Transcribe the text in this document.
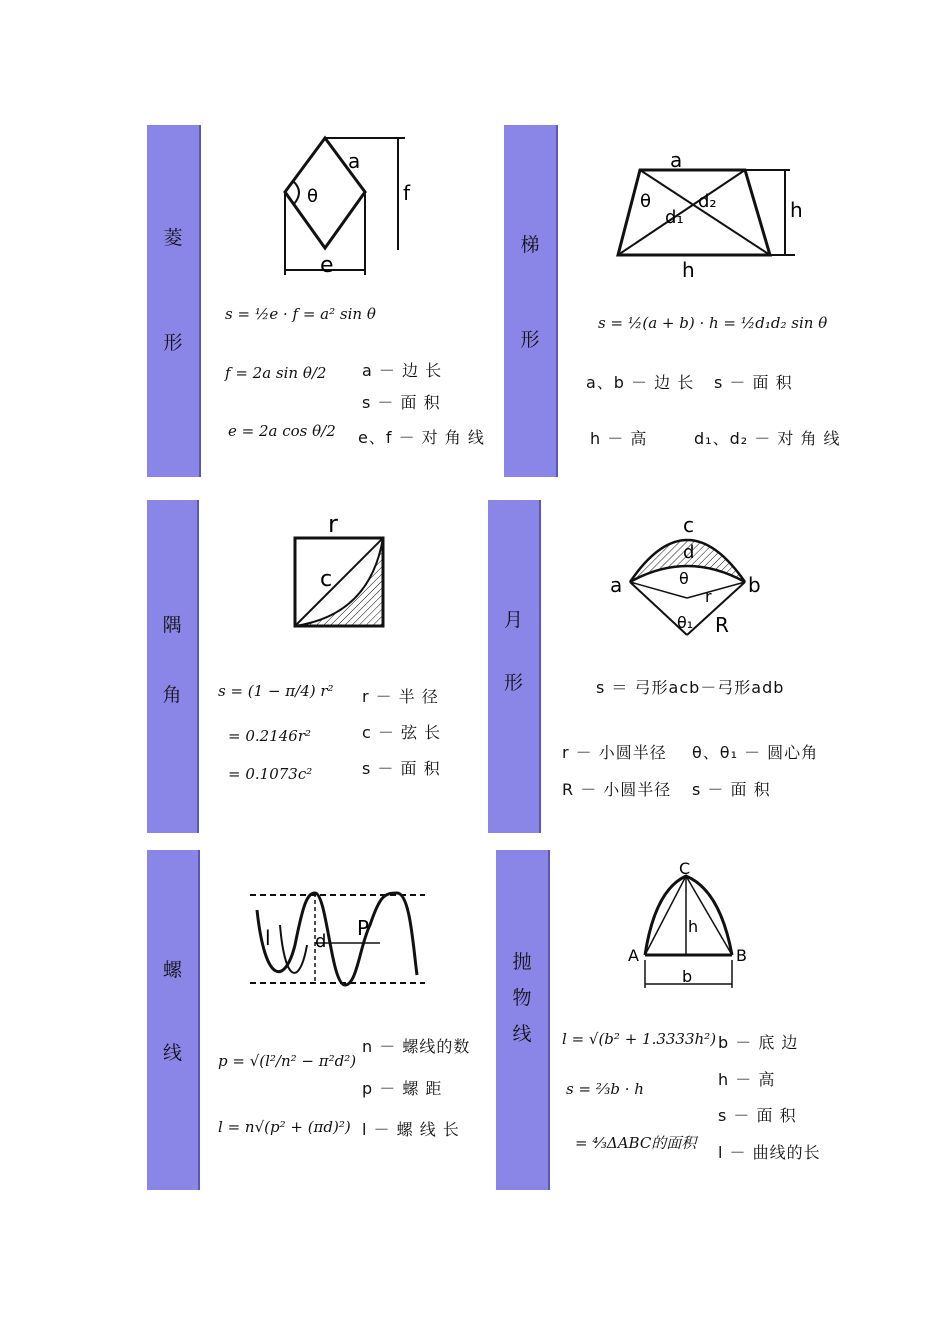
菱
形
a
θ	f
e
s = ½e · f = a² sin θ
f = 2a sin θ/2
e = 2a cos θ/2
a － 边 长
s － 面 积
e、f － 对 角 线
梯
形
a
θ
d₁
d₂	h
h
s = ½(a + b) · h = ½d₁d₂ sin θ
a、b － 边 长 s － 面 积
h － 高	d₁、d₂ － 对 角 线
隅
角
r
c
s = (1 − π/4) r²
= 0.2146r²
= 0.1073c²
r － 半 径
c － 弦 长
s － 面 积
月
形
c
d
a	b
θ
r
θ₁ R
s ＝ 弓形acb－弓形adb
r － 小圆半径 θ、θ₁ － 圆心角
R － 小圆半径 s － 面 积
螺
线
l d
P
p = √(l²/n² − π²d²)
l = n√(p² + (πd)²)
n － 螺线的数
p － 螺 距
l － 螺 线 长
抛
物
线
C
h
A	B
b
l = √(b² + 1.3333h²)
s = ⅔b · h
= ⁴⁄₃ΔABC的面积
b － 底 边
h － 高
s － 面 积
l － 曲线的长
